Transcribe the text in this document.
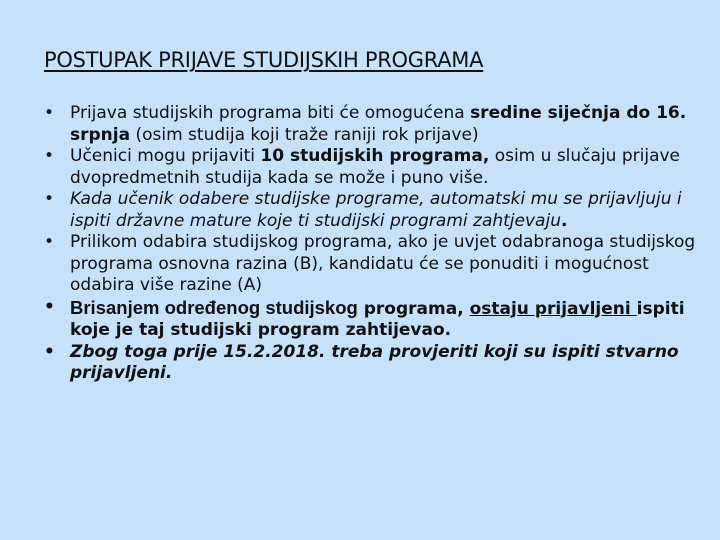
POSTUPAK PRIJAVE STUDIJSKIH PROGRAMA
• Prijava studijskih programa biti će omogućena sredine siječnja do 16. srpnja (osim studija koji traže raniji rok prijave)
• Učenici mogu prijaviti 10 studijskih programa, osim u slučaju prijave dvopredmetnih studija kada se može i puno više.
• Kada učenik odabere studijske programe, automatski mu se prijavljuju i ispiti državne mature koje ti studijski programi zahtjevaju.
• Prilikom odabira studijskog programa, ako je uvjet odabranoga studijskog programa osnovna razina (B), kandidatu će se ponuditi i mogućnost odabira više razine (A)
• Brisanjem određenog studijskog programa, ostaju prijavljeni ispiti koje je taj studijski program zahtijevao.
• Zbog toga prije 15.2.2018. treba provjeriti koji su ispiti stvarno prijavljeni.
